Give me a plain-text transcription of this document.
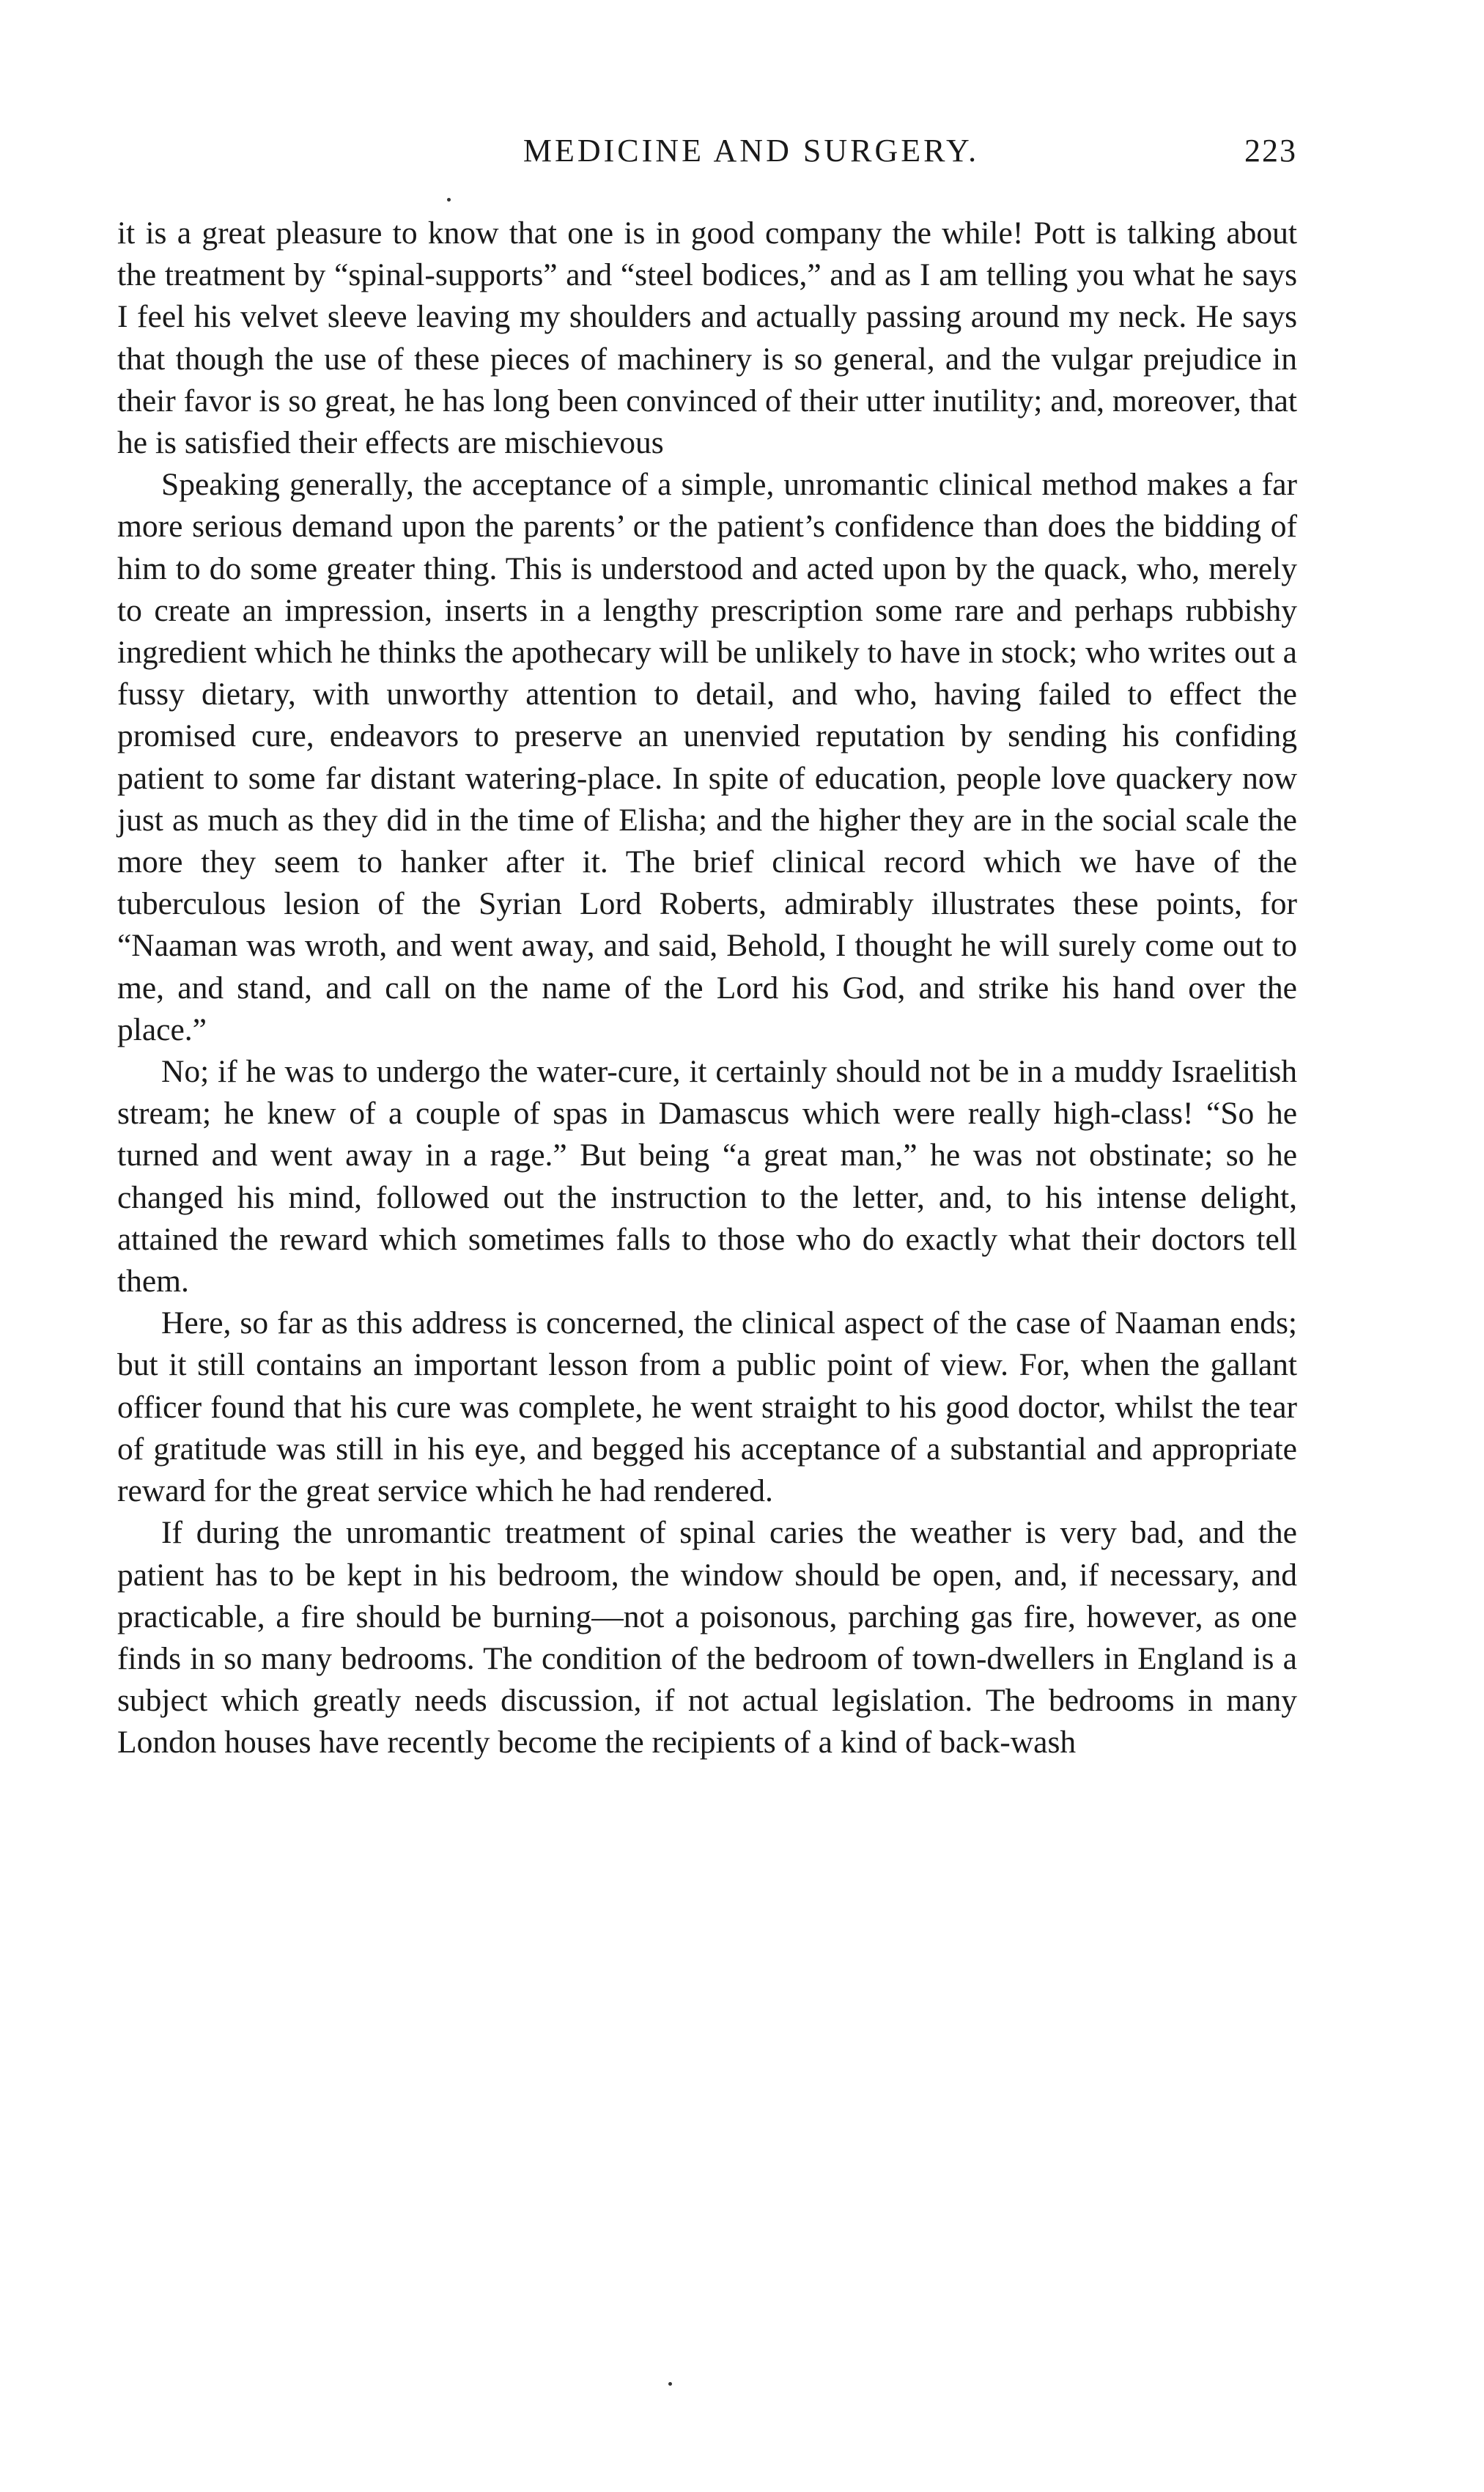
MEDICINE AND SURGERY.	223

it is a great pleasure to know that one is in good company the while! Pott is talking about the treatment by “spinal-supports” and “steel bodices,” and as I am telling you what he says I feel his velvet sleeve leaving my shoulders and actually passing around my neck. He says that though the use of these pieces of machinery is so general, and the vulgar prejudice in their favor is so great, he has long been convinced of their utter inutility; and, moreover, that he is satisfied their effects are mischievous

Speaking generally, the acceptance of a simple, unromantic clinical method makes a far more serious demand upon the parents’ or the patient’s confidence than does the bidding of him to do some greater thing. This is understood and acted upon by the quack, who, merely to create an impression, inserts in a lengthy prescription some rare and perhaps rubbishy ingredient which he thinks the apothecary will be unlikely to have in stock; who writes out a fussy dietary, with unworthy attention to detail, and who, having failed to effect the promised cure, endeavors to preserve an unenvied reputation by sending his confiding patient to some far distant watering-place. In spite of education, people love quackery now just as much as they did in the time of Elisha; and the higher they are in the social scale the more they seem to hanker after it. The brief clinical record which we have of the tuberculous lesion of the Syrian Lord Roberts, admirably illustrates these points, for “Naaman was wroth, and went away, and said, Behold, I thought he will surely come out to me, and stand, and call on the name of the Lord his God, and strike his hand over the place.”

No; if he was to undergo the water-cure, it certainly should not be in a muddy Israelitish stream; he knew of a couple of spas in Damascus which were really high-class! “So he turned and went away in a rage.” But being “a great man,” he was not obstinate; so he changed his mind, followed out the instruction to the letter, and, to his intense delight, attained the reward which sometimes falls to those who do exactly what their doctors tell them.

Here, so far as this address is concerned, the clinical aspect of the case of Naaman ends; but it still contains an important lesson from a public point of view. For, when the gallant officer found that his cure was complete, he went straight to his good doctor, whilst the tear of gratitude was still in his eye, and begged his acceptance of a substantial and appropriate reward for the great service which he had rendered.

If during the unromantic treatment of spinal caries the weather is very bad, and the patient has to be kept in his bedroom, the window should be open, and, if necessary, and practicable, a fire should be burning—not a poisonous, parching gas fire, however, as one finds in so many bedrooms. The condition of the bedroom of town-dwellers in England is a subject which greatly needs discussion, if not actual legislation. The bedrooms in many London houses have recently become the recipients of a kind of back-wash
